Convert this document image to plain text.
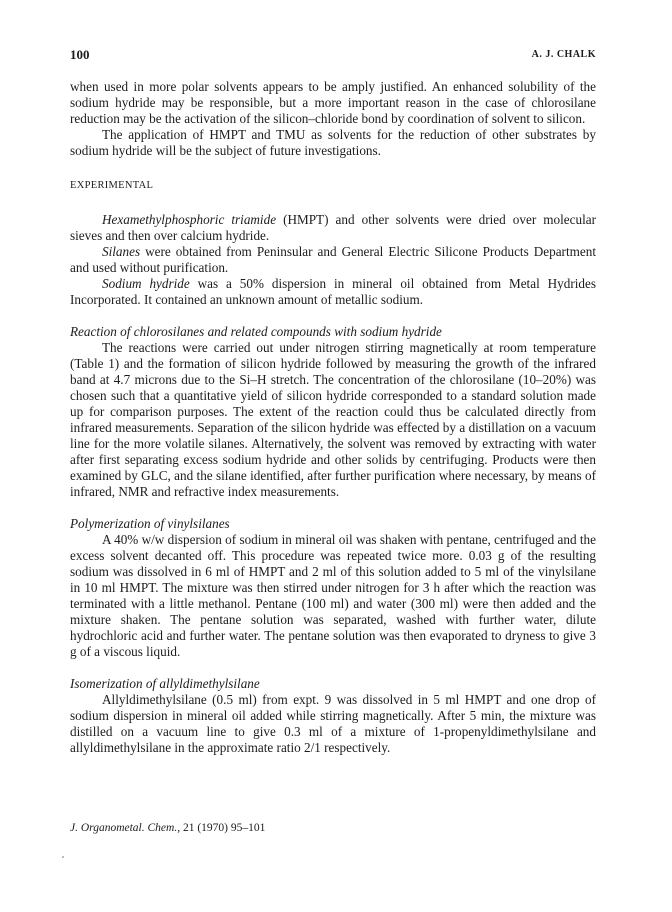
100	A. J. CHALK

when used in more polar solvents appears to be amply justified. An enhanced solubility of the sodium hydride may be responsible, but a more important reason in the case of chlorosilane reduction may be the activation of the silicon–chloride bond by coordination of solvent to silicon.

The application of HMPT and TMU as solvents for the reduction of other substrates by sodium hydride will be the subject of future investigations.

EXPERIMENTAL

Hexamethylphosphoric triamide (HMPT) and other solvents were dried over molecular sieves and then over calcium hydride.

Silanes were obtained from Peninsular and General Electric Silicone Products Department and used without purification.

Sodium hydride was a 50% dispersion in mineral oil obtained from Metal Hydrides Incorporated. It contained an unknown amount of metallic sodium.

Reaction of chlorosilanes and related compounds with sodium hydride

The reactions were carried out under nitrogen stirring magnetically at room temperature (Table 1) and the formation of silicon hydride followed by measuring the growth of the infrared band at 4.7 microns due to the Si–H stretch. The concentration of the chlorosilane (10–20%) was chosen such that a quantitative yield of silicon hydride corresponded to a standard solution made up for comparison purposes. The extent of the reaction could thus be calculated directly from infrared measurements. Separation of the silicon hydride was effected by a distillation on a vacuum line for the more volatile silanes. Alternatively, the solvent was removed by extracting with water after first separating excess sodium hydride and other solids by centrifuging. Products were then examined by GLC, and the silane identified, after further purification where necessary, by means of infrared, NMR and refractive index measurements.

Polymerization of vinylsilanes

A 40% w/w dispersion of sodium in mineral oil was shaken with pentane, centrifuged and the excess solvent decanted off. This procedure was repeated twice more. 0.03 g of the resulting sodium was dissolved in 6 ml of HMPT and 2 ml of this solution added to 5 ml of the vinylsilane in 10 ml HMPT. The mixture was then stirred under nitrogen for 3 h after which the reaction was terminated with a little methanol. Pentane (100 ml) and water (300 ml) were then added and the mixture shaken. The pentane solution was separated, washed with further water, dilute hydrochloric acid and further water. The pentane solution was then evaporated to dryness to give 3 g of a viscous liquid.

Isomerization of allyldimethylsilane

Allyldimethylsilane (0.5 ml) from expt. 9 was dissolved in 5 ml HMPT and one drop of sodium dispersion in mineral oil added while stirring magnetically. After 5 min, the mixture was distilled on a vacuum line to give 0.3 ml of a mixture of 1-propenyldimethylsilane and allyldimethylsilane in the approximate ratio 2/1 respectively.

J. Organometal. Chem., 21 (1970) 95–101
